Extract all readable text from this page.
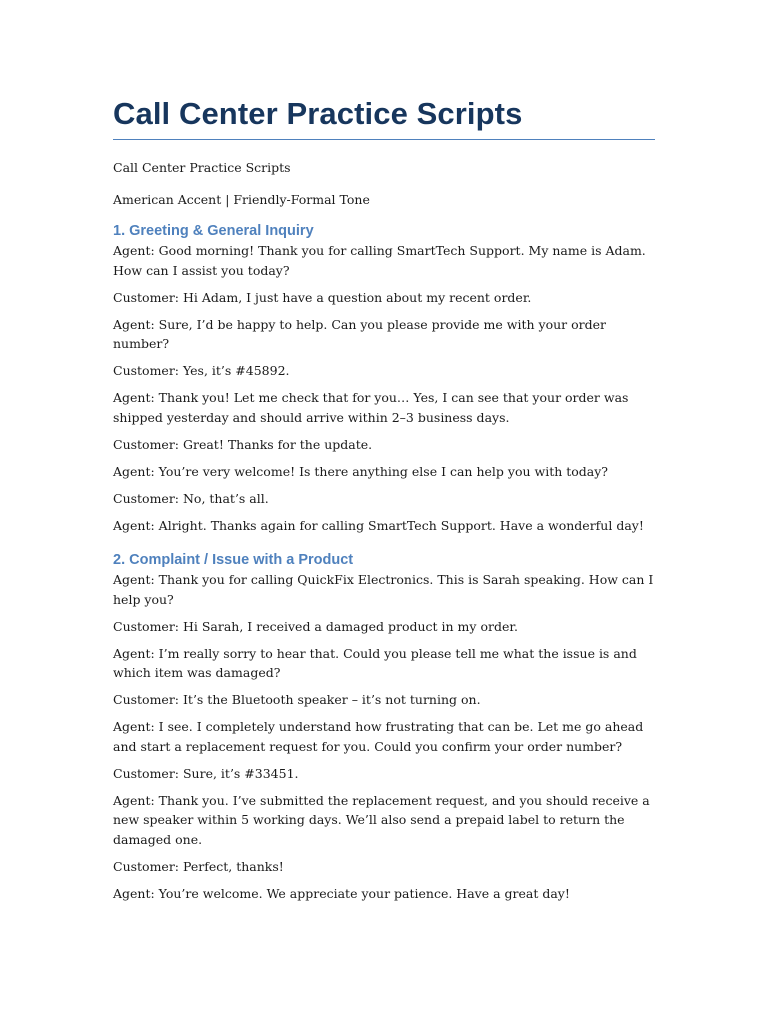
Call Center Practice Scripts

Call Center Practice Scripts

American Accent | Friendly-Formal Tone

1. Greeting & General Inquiry

Agent: Good morning! Thank you for calling SmartTech Support. My name is Adam. How can I assist you today?

Customer: Hi Adam, I just have a question about my recent order.

Agent: Sure, I’d be happy to help. Can you please provide me with your order number?

Customer: Yes, it’s #45892.

Agent: Thank you! Let me check that for you… Yes, I can see that your order was shipped yesterday and should arrive within 2–3 business days.

Customer: Great! Thanks for the update.

Agent: You’re very welcome! Is there anything else I can help you with today?

Customer: No, that’s all.

Agent: Alright. Thanks again for calling SmartTech Support. Have a wonderful day!

2. Complaint / Issue with a Product

Agent: Thank you for calling QuickFix Electronics. This is Sarah speaking. How can I help you?

Customer: Hi Sarah, I received a damaged product in my order.

Agent: I’m really sorry to hear that. Could you please tell me what the issue is and which item was damaged?

Customer: It’s the Bluetooth speaker – it’s not turning on.

Agent: I see. I completely understand how frustrating that can be. Let me go ahead and start a replacement request for you. Could you confirm your order number?

Customer: Sure, it’s #33451.

Agent: Thank you. I’ve submitted the replacement request, and you should receive a new speaker within 5 working days. We’ll also send a prepaid label to return the damaged one.

Customer: Perfect, thanks!

Agent: You’re welcome. We appreciate your patience. Have a great day!
